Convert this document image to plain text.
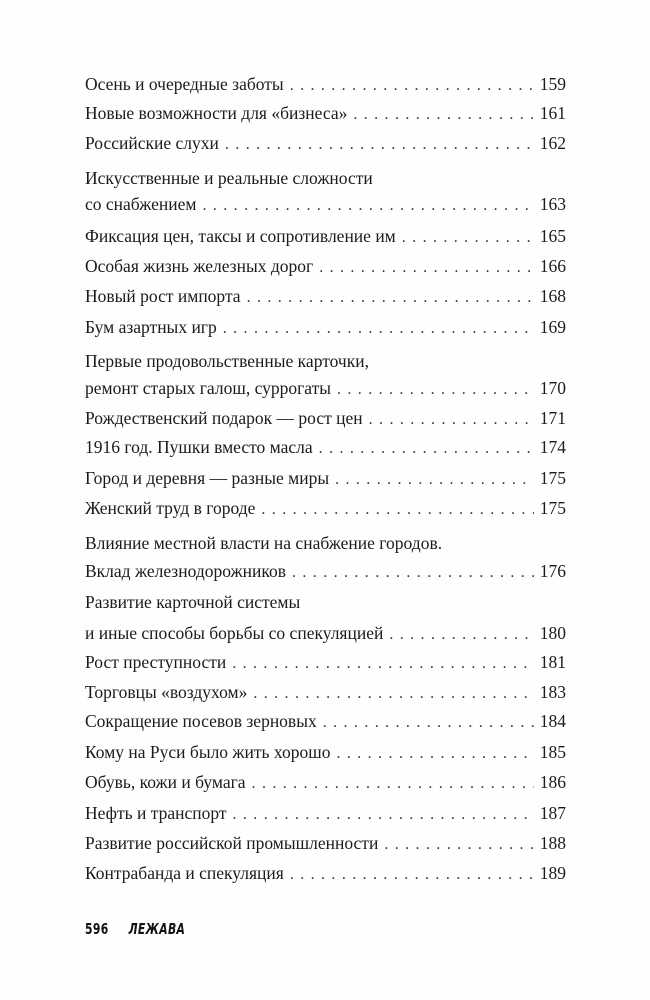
Осень и очередные заботы . . .	159
Новые возможности для «бизнеса» . . .	161
Российские слухи . . .	162
Искусственные и реальные сложности
со снабжением . . .	163
Фиксация цен, таксы и сопротивление им . . .	165
Особая жизнь железных дорог . . .	166
Новый рост импорта . . .	168
Бум азартных игр . . .	169
Первые продовольственные карточки,
ремонт старых галош, суррогаты . . .	170
Рождественский подарок — рост цен . . .	171
1916 год. Пушки вместо масла . . .	174
Город и деревня — разные миры . . .	175
Женский труд в городе . . .	175
Влияние местной власти на снабжение городов.
Вклад железнодорожников . . .	176
Развитие карточной системы
и иные способы борьбы со спекуляцией . . .	180
Рост преступности . . .	181
Торговцы «воздухом» . . .	183
Сокращение посевов зерновых . . .	184
Кому на Руси было жить хорошо . . .	185
Обувь, кожи и бумага . . .	186
Нефть и транспорт . . .	187
Развитие российской промышленности . . .	188
Контрабанда и спекуляция . . .	189
596 ЛЕЖАВА
